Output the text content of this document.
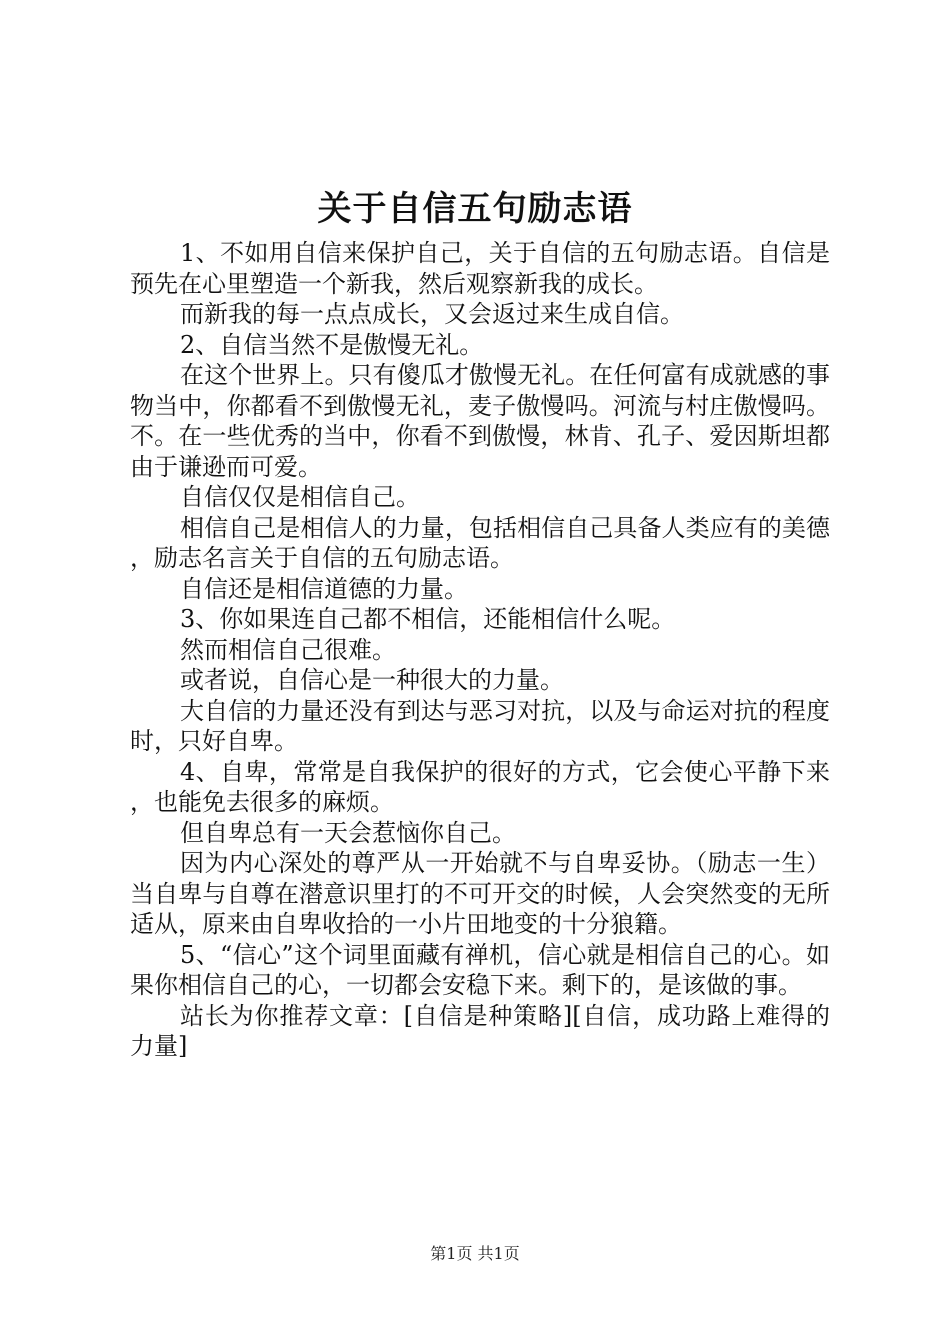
关于自信五句励志语

1、不如用自信来保护自己，关于自信的五句励志语。自信是预先在心里塑造一个新我，然后观察新我的成长。

而新我的每一点点成长，又会返过来生成自信。

2、自信当然不是傲慢无礼。

在这个世界上。只有傻瓜才傲慢无礼。在任何富有成就感的事物当中，你都看不到傲慢无礼，麦子傲慢吗。河流与村庄傲慢吗。不。在一些优秀的当中，你看不到傲慢，林肯、孔子、爱因斯坦都由于谦逊而可爱。

自信仅仅是相信自己。

相信自己是相信人的力量，包括相信自己具备人类应有的美德，励志名言关于自信的五句励志语。

自信还是相信道德的力量。

3、你如果连自己都不相信，还能相信什么呢。

然而相信自己很难。

或者说，自信心是一种很大的力量。

大自信的力量还没有到达与恶习对抗，以及与命运对抗的程度时，只好自卑。

4、自卑，常常是自我保护的很好的方式，它会使心平静下来，也能免去很多的麻烦。

但自卑总有一天会惹恼你自己。

因为内心深处的尊严从一开始就不与自卑妥协。（励志一生）当自卑与自尊在潜意识里打的不可开交的时候，人会突然变的无所适从，原来由自卑收拾的一小片田地变的十分狼籍。

5、“信心”这个词里面藏有禅机，信心就是相信自己的心。如果你相信自己的心，一切都会安稳下来。剩下的，是该做的事。

站长为你推荐文章：[自信是种策略][自信，成功路上难得的力量]

第1页 共1页
